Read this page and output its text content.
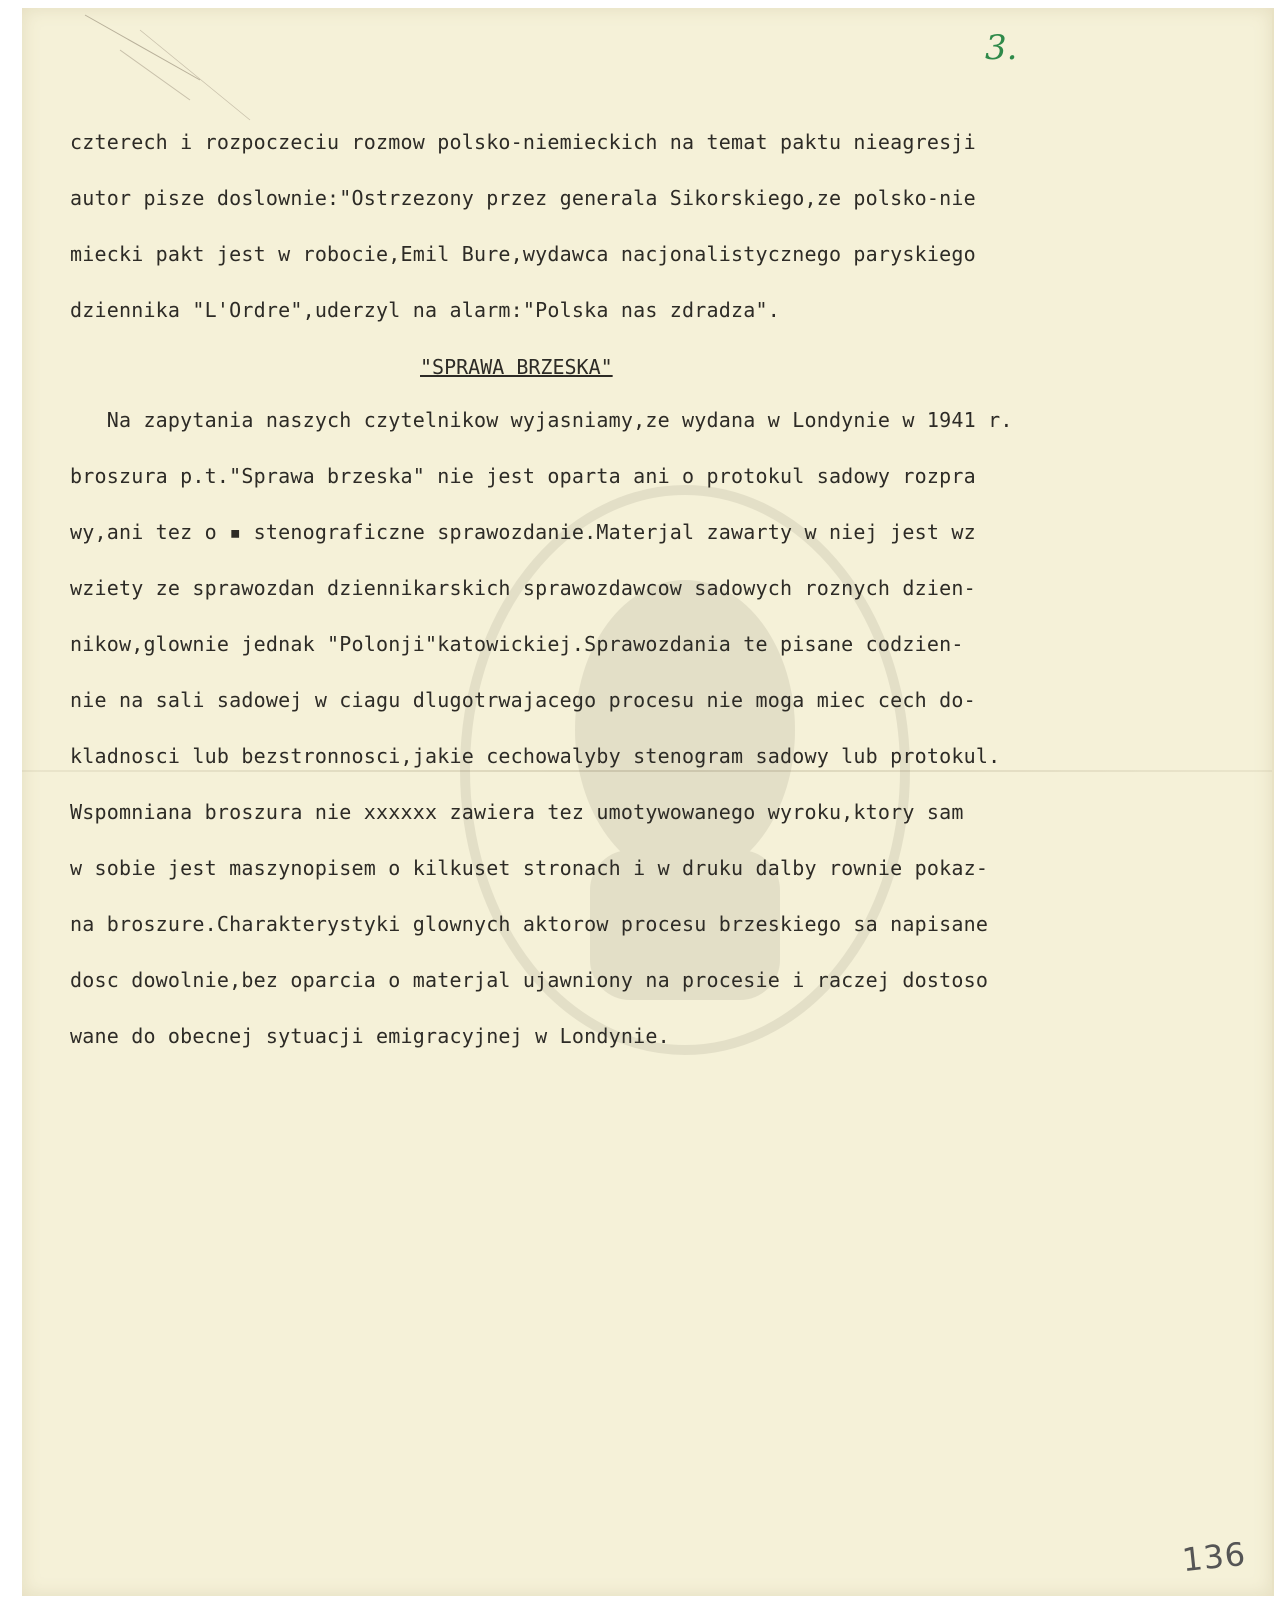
3.
czterech i rozpoczeciu rozmow polsko-niemieckich na temat paktu nieagresji
autor pisze doslownie:"Ostrzezony przez generala Sikorskiego,ze polsko-nie
miecki pakt jest w robocie,Emil Bure,wydawca nacjonalistycznego paryskiego
dziennika "L'Ordre",uderzyl na alarm:"Polska nas zdradza".
"SPRAWA BRZESKA"
Na zapytania naszych czytelnikow wyjasniamy,ze wydana w Londynie w 1941 r.
broszura p.t."Sprawa brzeska" nie jest oparta ani o protokul sadowy rozpra
wy,ani tez o ▪ stenograficzne sprawozdanie.Materjal zawarty w niej jest wz
wziety ze sprawozdan dziennikarskich sprawozdawcow sadowych roznych dzien-
nikow,glownie jednak "Polonji"katowickiej.Sprawozdania te pisane codzien-
nie na sali sadowej w ciagu dlugotrwajacego procesu nie moga miec cech do-
kladnosci lub bezstronnosci,jakie cechowalyby stenogram sadowy lub protokul.
Wspomniana broszura nie xxxxxx zawiera tez umotywowanego wyroku,ktory sam
w sobie jest maszynopisem o kilkuset stronach i w druku dalby rownie pokaz-
na broszure.Charakterystyki glownych aktorow procesu brzeskiego sa napisane
dosc dowolnie,bez oparcia o materjal ujawniony na procesie i raczej dostoso
wane do obecnej sytuacji emigracyjnej w Londynie.
136
